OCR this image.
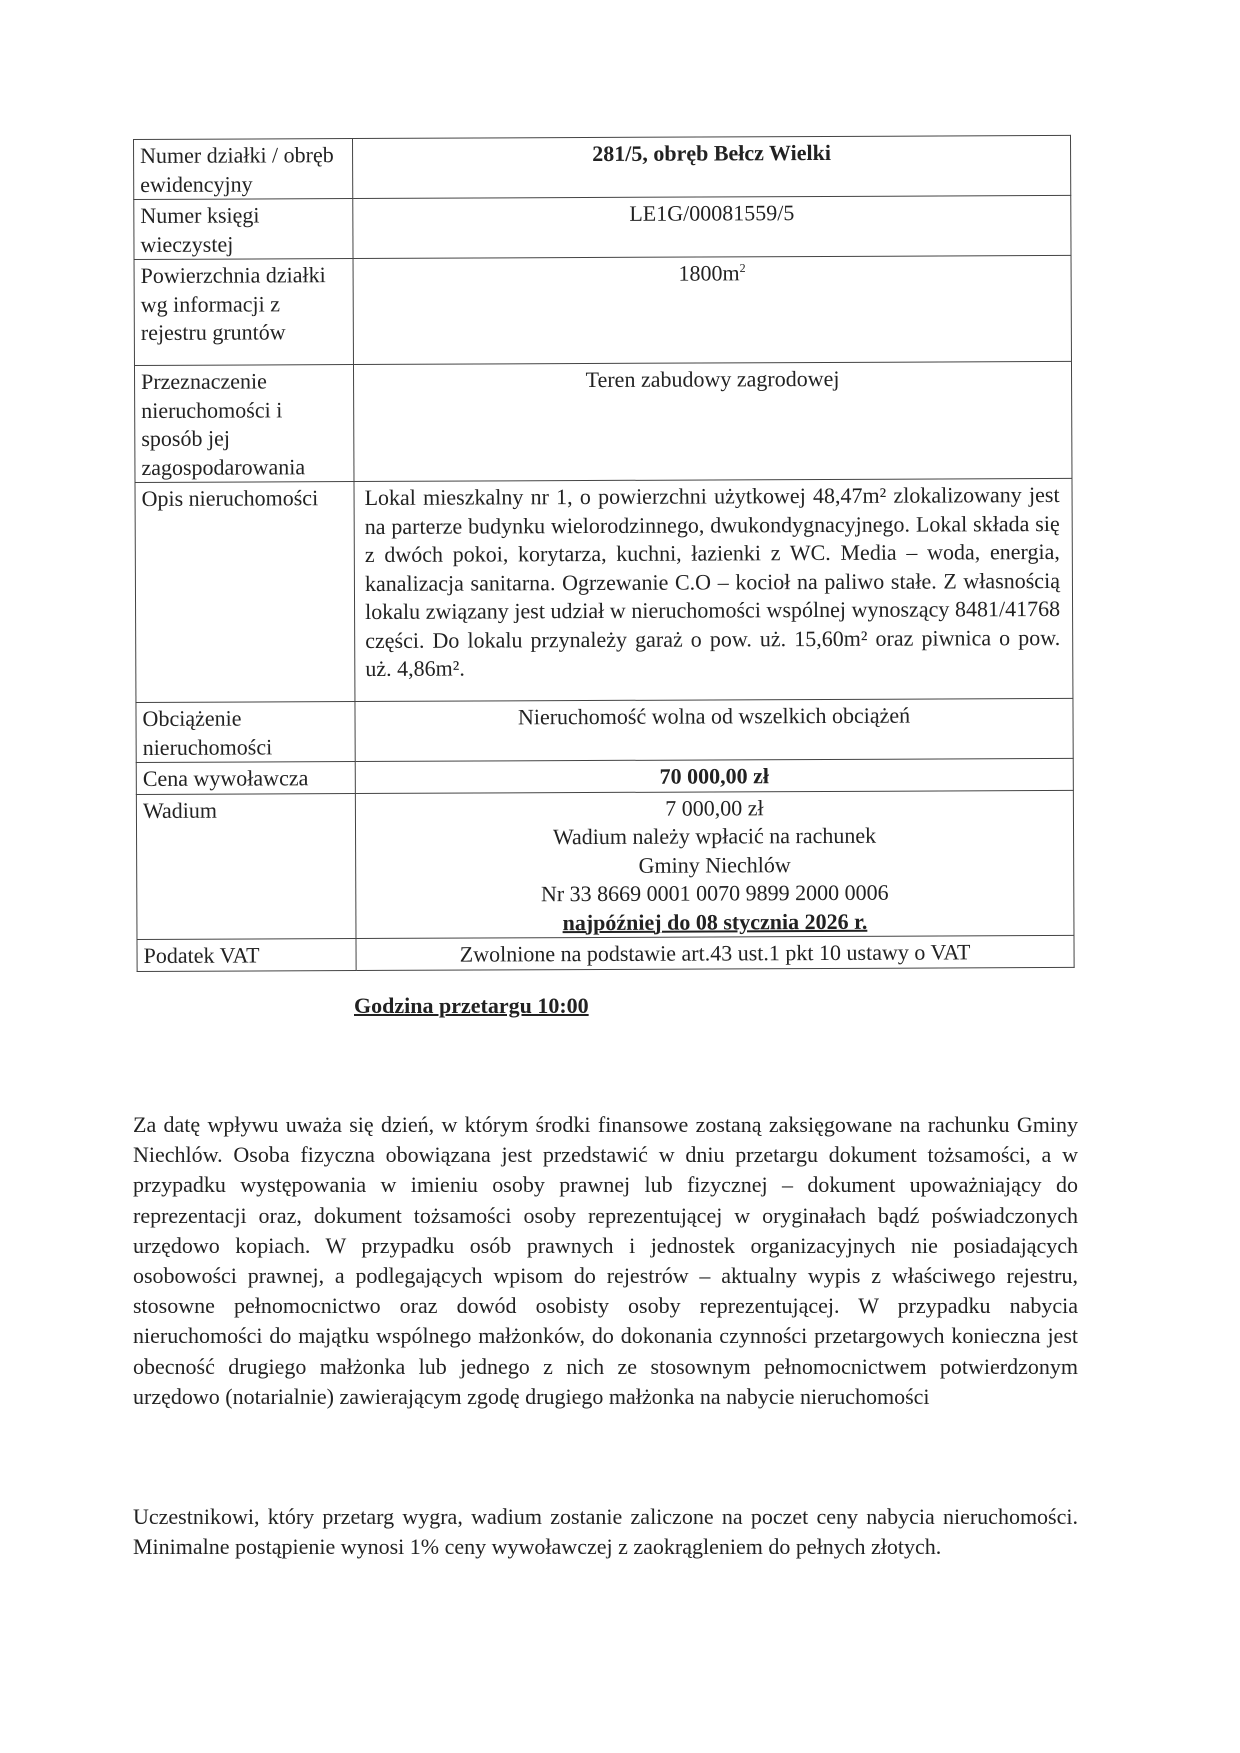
Numer działki / obręb ewidencyjny	281/5, obręb Bełcz Wielki
Numer księgi wieczystej	LE1G/00081559/5
Powierzchnia działki wg informacji z rejestru gruntów	$1800m^2$
Przeznaczenie nieruchomości i sposób jej zagospodarowania	Teren zabudowy zagrodowej
Opis nieruchomości	Lokal mieszkalny nr 1, o powierzchni użytkowej 48,47m² zlokalizowany jest na parterze budynku wielorodzinnego, dwukondygnacyjnego. Lokal składa się z dwóch pokoi, korytarza, kuchni, łazienki z WC. Media – woda, energia, kanalizacja sanitarna. Ogrzewanie C.O – kocioł na paliwo stałe. Z własnością lokalu związany jest udział w nieruchomości wspólnej wynoszący 8481/41768 części. Do lokalu przynależy garaż o pow. uż. 15,60m² oraz piwnica o pow. uż. 4,86m².
Obciążenie nieruchomości	Nieruchomość wolna od wszelkich obciążeń
Cena wywoławcza	70 000,00 zł
Wadium	7 000,00 zł
Wadium należy wpłacić na rachunek
Gminy Niechlów
Nr 33 8669 0001 0070 9899 2000 0006
najpóźniej do 08 stycznia 2026 r.

Podatek VAT	Zwolnione na podstawie art.43 ust.1 pkt 10 ustawy o VAT
Godzina przetargu 10:00

Za datę wpływu uważa się dzień, w którym środki finansowe zostaną zaksięgowane na rachunku Gminy Niechlów. Osoba fizyczna obowiązana jest przedstawić w dniu przetargu dokument tożsamości, a w przypadku występowania w imieniu osoby prawnej lub fizycznej – dokument upoważniający do reprezentacji oraz, dokument tożsamości osoby reprezentującej w oryginałach bądź poświadczonych urzędowo kopiach. W przypadku osób prawnych i jednostek organizacyjnych nie posiadających osobowości prawnej, a podlegających wpisom do rejestrów – aktualny wypis z właściwego rejestru, stosowne pełnomocnictwo oraz dowód osobisty osoby reprezentującej. W przypadku nabycia nieruchomości do majątku wspólnego małżonków, do dokonania czynności przetargowych konieczna jest obecność drugiego małżonka lub jednego z nich ze stosownym pełnomocnictwem potwierdzonym urzędowo (notarialnie) zawierającym zgodę drugiego małżonka na nabycie nieruchomości

Uczestnikowi, który przetarg wygra, wadium zostanie zaliczone na poczet ceny nabycia nieruchomości. Minimalne postąpienie wynosi 1% ceny wywoławczej z zaokrągleniem do pełnych złotych.
